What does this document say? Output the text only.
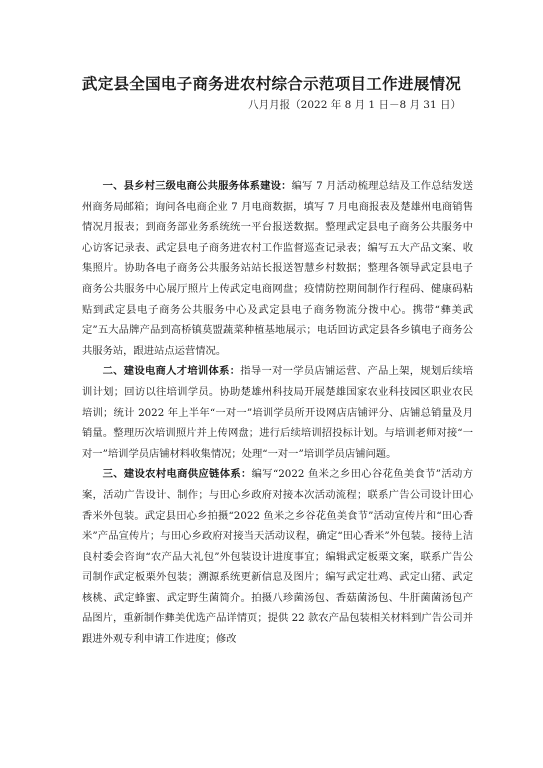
武定县全国电子商务进农村综合示范项目工作进展情况
八月月报（2022 年 8 月 1 日－8 月 31 日）

一、县乡村三级电商公共服务体系建设：编写 7 月活动梳理总结及工作总结发送州商务局邮箱；询问各电商企业 7 月电商数据，填写 7 月电商报表及楚雄州电商销售情况月报表；到商务部业务系统统一平台报送数据。整理武定县电子商务公共服务中心访客记录表、武定县电子商务进农村工作监督巡查记录表；编写五大产品文案、收集照片。协助各电子商务公共服务站站长报送智慧乡村数据；整理各领导武定县电子商务公共服务中心展厅照片上传武定电商网盘；疫情防控期间制作行程码、健康码粘贴到武定县电子商务公共服务中心及武定县电子商务物流分拨中心。携带“彝美武定”五大品牌产品到高桥镇莫盟蔬菜种植基地展示；电话回访武定县各乡镇电子商务公共服务站，跟进站点运营情况。

二、建设电商人才培训体系：指导一对一学员店铺运营、产品上架，规划后续培训计划；回访以往培训学员。协助楚雄州科技局开展楚雄国家农业科技园区职业农民培训；统计 2022 年上半年“一对一”培训学员所开设网店店铺评分、店铺总销量及月销量。整理历次培训照片并上传网盘；进行后续培训招投标计划。与培训老师对接“一对一”培训学员店铺材料收集情况；处理“一对一”培训学员店铺问题。

三、建设农村电商供应链体系：编写“2022 鱼米之乡田心谷花鱼美食节”活动方案，活动广告设计、制作；与田心乡政府对接本次活动流程；联系广告公司设计田心香米外包装。武定县田心乡拍摄“2022 鱼米之乡谷花鱼美食节”活动宣传片和“田心香米”产品宣传片；与田心乡政府对接当天活动议程，确定“田心香米”外包装。接待上洁良村委会咨询“农产品大礼包”外包装设计进度事宜；编辑武定板栗文案，联系广告公司制作武定板栗外包装；溯源系统更新信息及图片；编写武定壮鸡、武定山猪、武定核桃、武定蜂蜜、武定野生菌简介。拍摄八珍菌汤包、香菇菌汤包、牛肝菌菌汤包产品图片，重新制作彝美优选产品详情页；提供 22 款农产品包装相关材料到广告公司并跟进外观专利申请工作进度；修改
